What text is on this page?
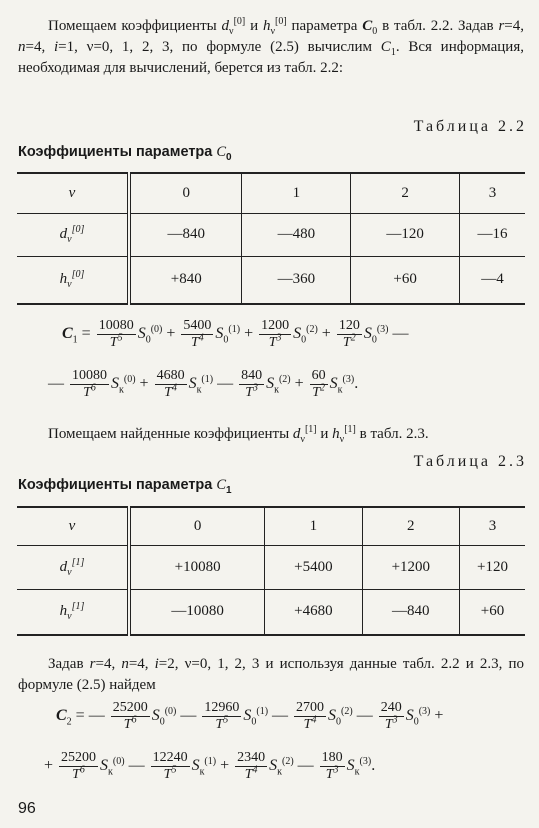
Помещаем коэффициенты $d_\nu[0]$ и $h_\nu[0]$ параметра $C_0$ в табл. 2.2. Задав r=4, n=4, i=1, ν=0, 1, 2, 3, по формуле (2.5) вычислим $C_1$. Вся информация, необходимая для вычислений, берется из табл. 2.2:
Таблица 2.2
Коэффициенты параметра $C_0$
ν	0	1	2	3
$d_\nu[0]$	—840	—480	—120	—16
$h_\nu[0]$	+840	—360	+60	—4
$C_1 = \frac{10080}{T^5} S_0^{(0)} + \frac{5400}{T^4} S_0^{(1)} + \frac{1200}{T^3} S_0^{(2)} + \frac{120}{T^2} S_0^{(3)}$ —
— $\frac{10080}{T^6} S_к^{(0)} + \frac{4680}{T^4} S_к^{(1)}$ — $\frac{840}{T^3} S_к^{(2)} + \frac{60}{T^2} S_к^{(3)}$.
Помещаем найденные коэффициенты $d_\nu[1]$ и $h_\nu[1]$ в табл. 2.3.
Таблица 2.3
Коэффициенты параметра $C_1$
ν	0	1	2	3
$d_\nu[1]$	+10080	+5400	+1200	+120
$h_\nu[1]$	—10080	+4680	—840	+60
Задав r=4, n=4, i=2, ν=0, 1, 2, 3 и используя данные табл. 2.2 и 2.3, по формуле (2.5) найдем
$C_2$ = — $\frac{25200}{T^6} S_0^{(0)}$ — $\frac{12960}{T^5} S_0^{(1)}$ — $\frac{2700}{T^4} S_0^{(2)}$ — $\frac{240}{T^3} S_0^{(3)}$ +
+ $\frac{25200}{T^6} S_к^{(0)}$ — $\frac{12240}{T^5} S_к^{(1)} + \frac{2340}{T^4} S_к^{(2)}$ — $\frac{180}{T^3} S_к^{(3)}$.
96
